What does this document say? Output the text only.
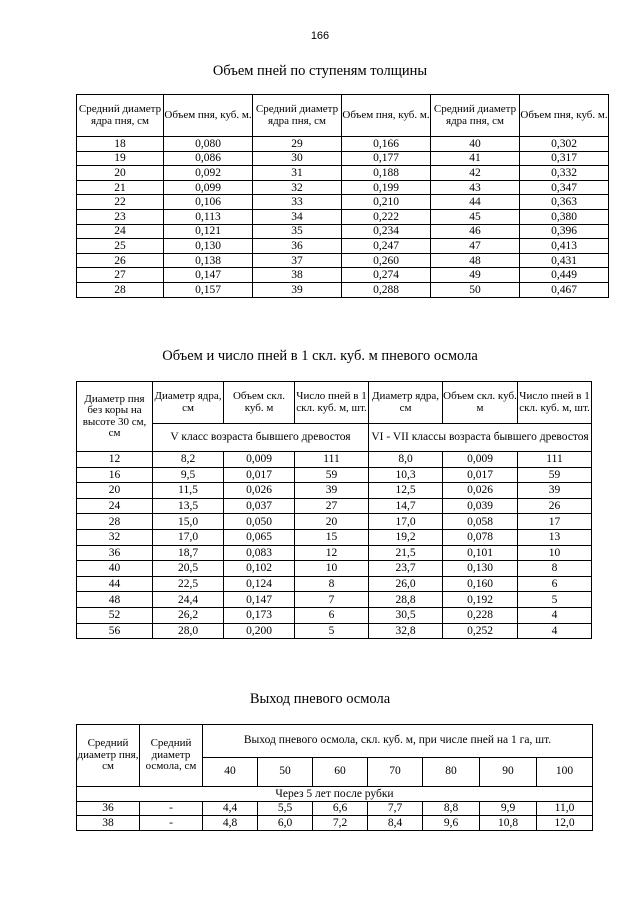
166
Объем пней по ступеням толщины
Средний диаметр ядра пня, см	Объем пня, куб. м.	Средний диаметр ядра пня, см	Объем пня, куб. м.	Средний диаметр ядра пня, см	Объем пня, куб. м.
18	0,080	29	0,166	40	0,302
19	0,086	30	0,177	41	0,317
20	0,092	31	0,188	42	0,332
21	0,099	32	0,199	43	0,347
22	0,106	33	0,210	44	0,363
23	0,113	34	0,222	45	0,380
24	0,121	35	0,234	46	0,396
25	0,130	36	0,247	47	0,413
26	0,138	37	0,260	48	0,431
27	0,147	38	0,274	49	0,449
28	0,157	39	0,288	50	0,467
Объем и число пней в 1 скл. куб. м пневого осмола
Диаметр пня без коры на высоте 30 см, см	Диаметр ядра, см	Объем скл. куб. м	Число пней в 1 скл. куб. м, шт.	Диаметр ядра, см	Объем скл. куб. м	Число пней в 1 скл. куб. м, шт.
	V класс возраста бывшего древостоя			VI - VII классы возраста бывшего древостоя		
12	8,2	0,009	111	8,0	0,009	111
16	9,5	0,017	59	10,3	0,017	59
20	11,5	0,026	39	12,5	0,026	39
24	13,5	0,037	27	14,7	0,039	26
28	15,0	0,050	20	17,0	0,058	17
32	17,0	0,065	15	19,2	0,078	13
36	18,7	0,083	12	21,5	0,101	10
40	20,5	0,102	10	23,7	0,130	8
44	22,5	0,124	8	26,0	0,160	6
48	24,4	0,147	7	28,8	0,192	5
52	26,2	0,173	6	30,5	0,228	4
56	28,0	0,200	5	32,8	0,252	4
Выход пневого осмола
Средний диаметр пня, см	Средний диаметр осмола, см	Выход пневого осмола, скл. куб. м, при числе пней на 1 га, шт.						
		40	50	60	70	80	90	100
Через 5 лет после рубки								
36	-	4,4	5,5	6,6	7,7	8,8	9,9	11,0
38	-	4,8	6,0	7,2	8,4	9,6	10,8	12,0
